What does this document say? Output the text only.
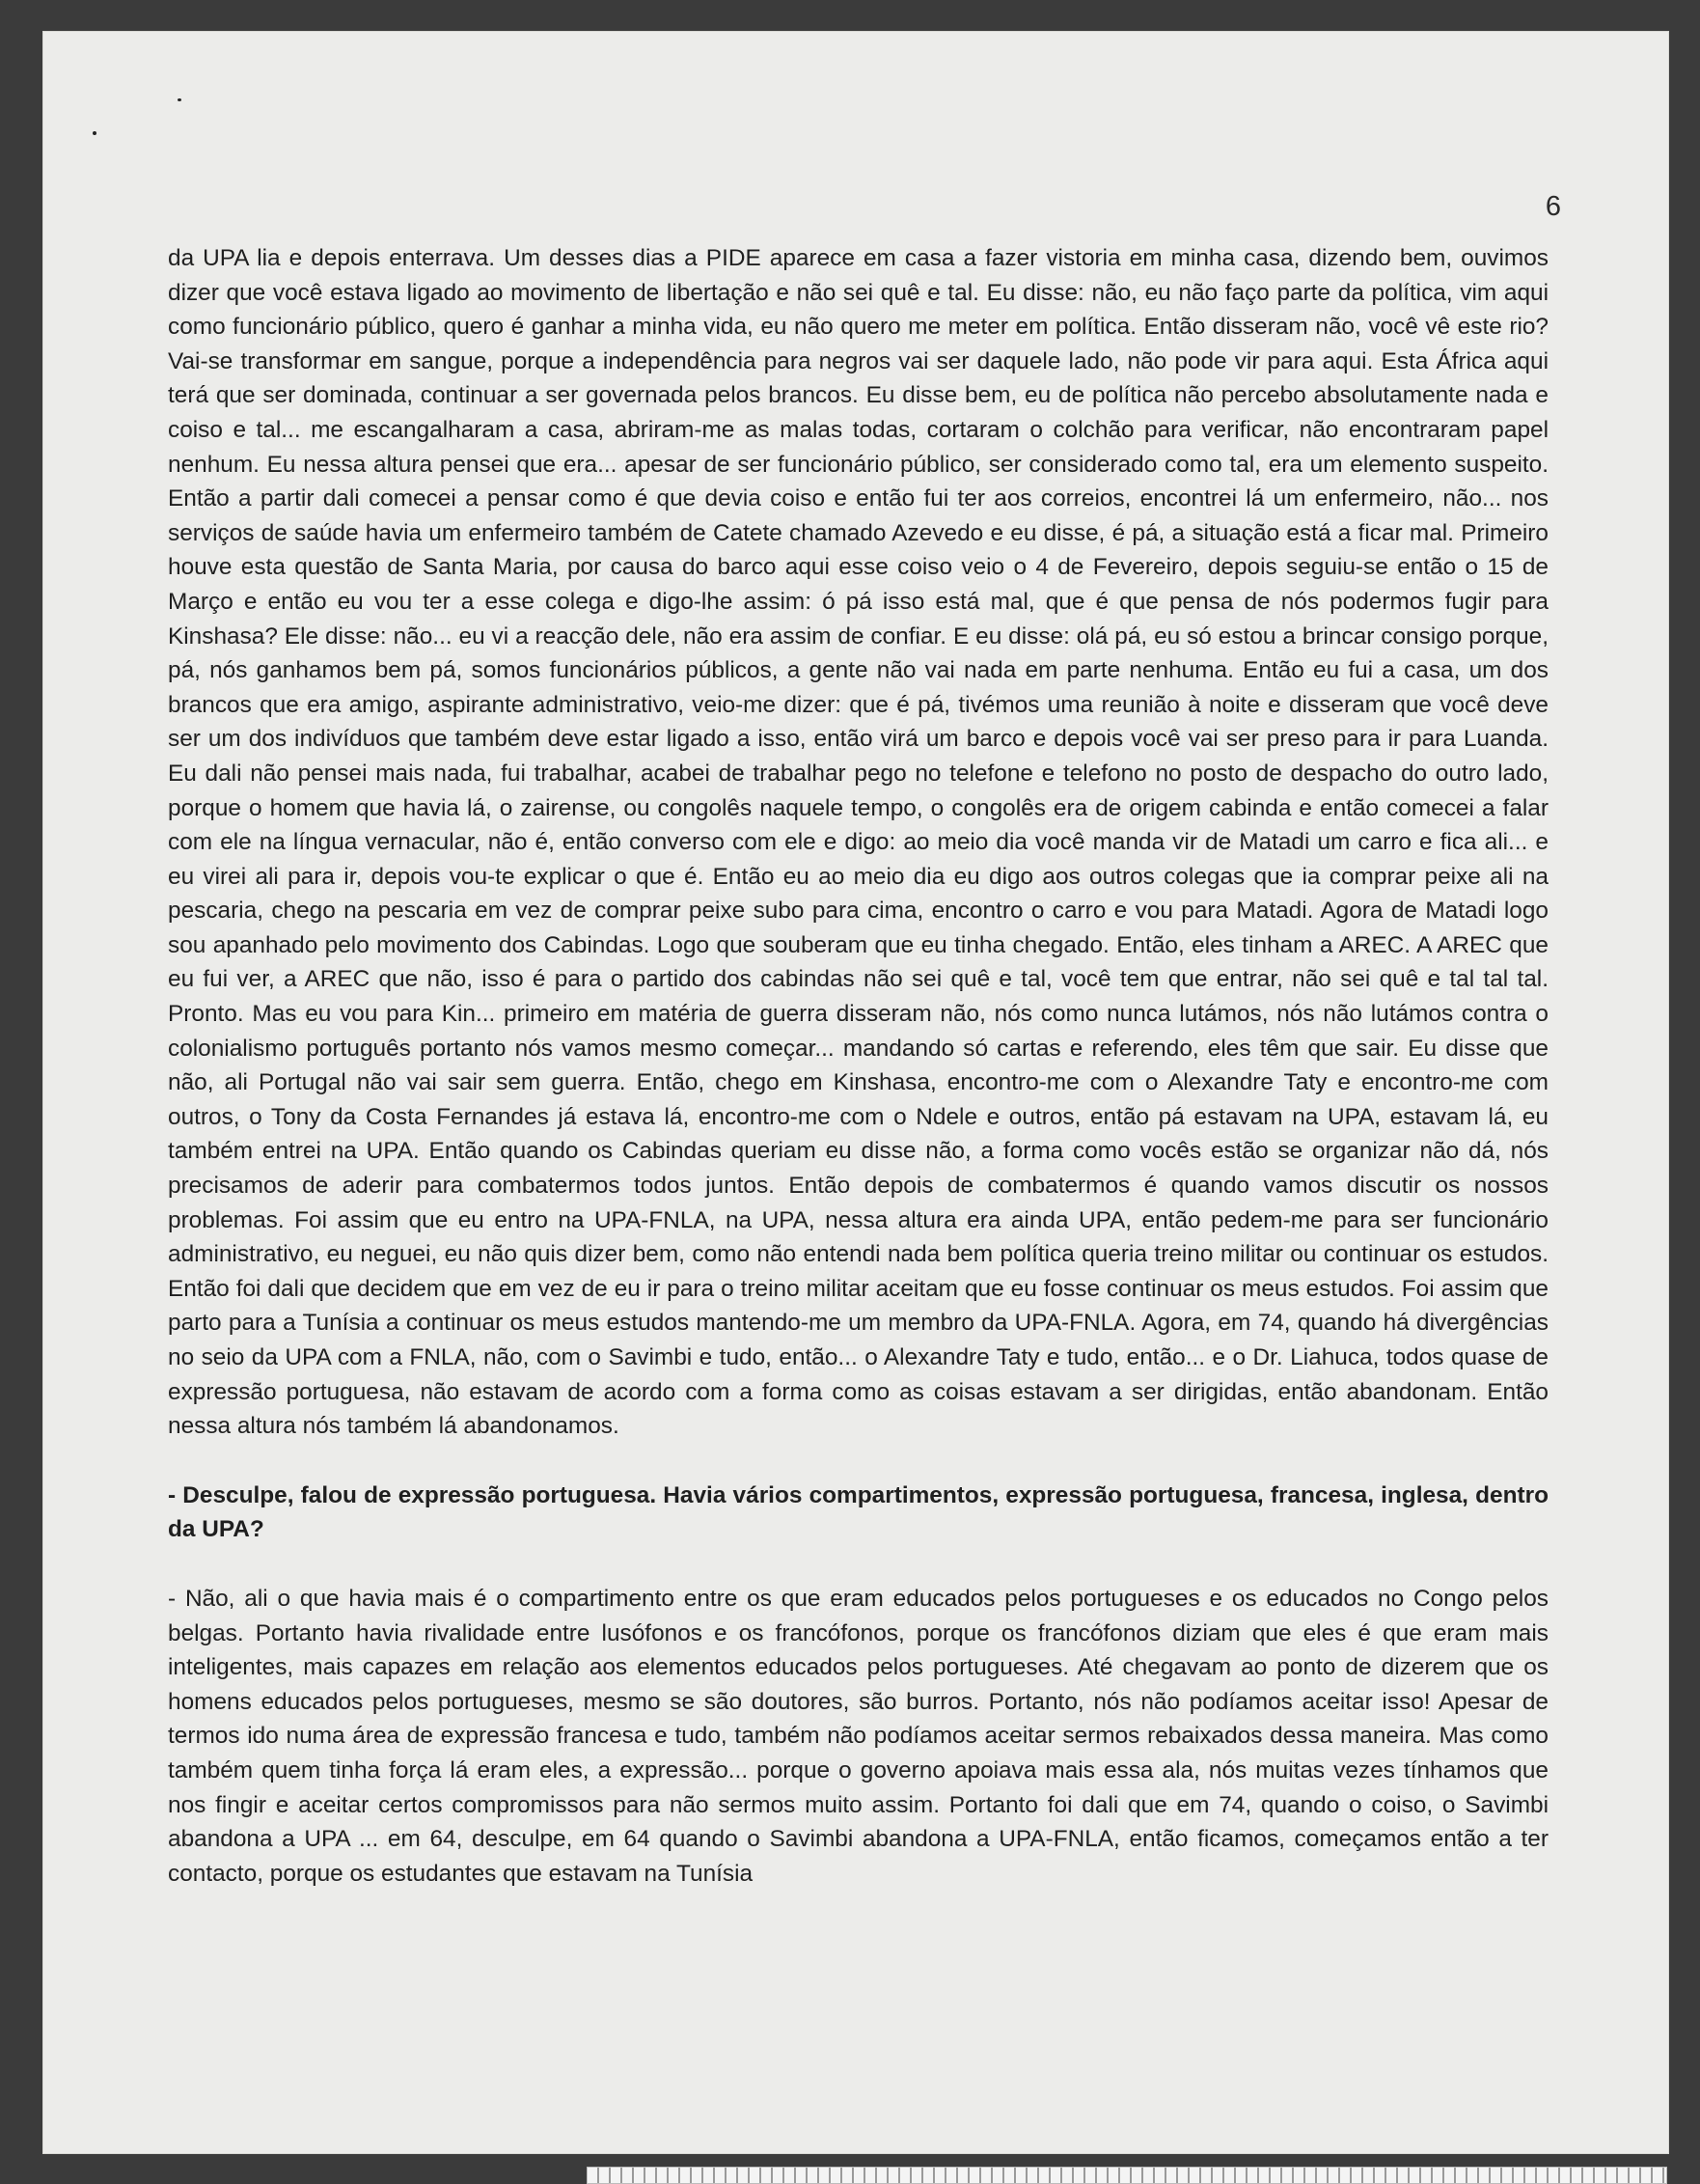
6

da UPA lia e depois enterrava. Um desses dias a PIDE aparece em casa a fazer vistoria em minha casa, dizendo bem, ouvimos dizer que você estava ligado ao movimento de libertação e não sei quê e tal. Eu disse: não, eu não faço parte da política, vim aqui como funcionário público, quero é ganhar a minha vida, eu não quero me meter em política. Então disseram não, você vê este rio? Vai-se transformar em sangue, porque a independência para negros vai ser daquele lado, não pode vir para aqui. Esta África aqui terá que ser dominada, continuar a ser governada pelos brancos. Eu disse bem, eu de política não percebo absolutamente nada e coiso e tal... me escangalharam a casa, abriram-me as malas todas, cortaram o colchão para verificar, não encontraram papel nenhum. Eu nessa altura pensei que era... apesar de ser funcionário público, ser considerado como tal, era um elemento suspeito. Então a partir dali comecei a pensar como é que devia coiso e então fui ter aos correios, encontrei lá um enfermeiro, não... nos serviços de saúde havia um enfermeiro também de Catete chamado Azevedo e eu disse, é pá, a situação está a ficar mal. Primeiro houve esta questão de Santa Maria, por causa do barco aqui esse coiso veio o 4 de Fevereiro, depois seguiu-se então o 15 de Março e então eu vou ter a esse colega e digo-lhe assim: ó pá isso está mal, que é que pensa de nós podermos fugir para Kinshasa? Ele disse: não... eu vi a reacção dele, não era assim de confiar. E eu disse: olá pá, eu só estou a brincar consigo porque, pá, nós ganhamos bem pá, somos funcionários públicos, a gente não vai nada em parte nenhuma. Então eu fui a casa, um dos brancos que era amigo, aspirante administrativo, veio-me dizer: que é pá, tivémos uma reunião à noite e disseram que você deve ser um dos indivíduos que também deve estar ligado a isso, então virá um barco e depois você vai ser preso para ir para Luanda. Eu dali não pensei mais nada, fui trabalhar, acabei de trabalhar pego no telefone e telefono no posto de despacho do outro lado, porque o homem que havia lá, o zairense, ou congolês naquele tempo, o congolês era de origem cabinda e então comecei a falar com ele na língua vernacular, não é, então converso com ele e digo: ao meio dia você manda vir de Matadi um carro e fica ali... e eu virei ali para ir, depois vou-te explicar o que é. Então eu ao meio dia eu digo aos outros colegas que ia comprar peixe ali na pescaria, chego na pescaria em vez de comprar peixe subo para cima, encontro o carro e vou para Matadi. Agora de Matadi logo sou apanhado pelo movimento dos Cabindas. Logo que souberam que eu tinha chegado. Então, eles tinham a AREC. A AREC que eu fui ver, a AREC que não, isso é para o partido dos cabindas não sei quê e tal, você tem que entrar, não sei quê e tal tal tal. Pronto. Mas eu vou para Kin... primeiro em matéria de guerra disseram não, nós como nunca lutámos, nós não lutámos contra o colonialismo português portanto nós vamos mesmo começar... mandando só cartas e referendo, eles têm que sair. Eu disse que não, ali Portugal não vai sair sem guerra. Então, chego em Kinshasa, encontro-me com o Alexandre Taty e encontro-me com outros, o Tony da Costa Fernandes já estava lá, encontro-me com o Ndele e outros, então pá estavam na UPA, estavam lá, eu também entrei na UPA. Então quando os Cabindas queriam eu disse não, a forma como vocês estão se organizar não dá, nós precisamos de aderir para combatermos todos juntos. Então depois de combatermos é quando vamos discutir os nossos problemas. Foi assim que eu entro na UPA-FNLA, na UPA, nessa altura era ainda UPA, então pedem-me para ser funcionário administrativo, eu neguei, eu não quis dizer bem, como não entendi nada bem política queria treino militar ou continuar os estudos. Então foi dali que decidem que em vez de eu ir para o treino militar aceitam que eu fosse continuar os meus estudos. Foi assim que parto para a Tunísia a continuar os meus estudos mantendo-me um membro da UPA-FNLA. Agora, em 74, quando há divergências no seio da UPA com a FNLA, não, com o Savimbi e tudo, então... o Alexandre Taty e tudo, então... e o Dr. Liahuca, todos quase de expressão portuguesa, não estavam de acordo com a forma como as coisas estavam a ser dirigidas, então abandonam. Então nessa altura nós também lá abandonamos.

- Desculpe, falou de expressão portuguesa. Havia vários compartimentos, expressão portuguesa, francesa, inglesa, dentro da UPA?

- Não, ali o que havia mais é o compartimento entre os que eram educados pelos portugueses e os educados no Congo pelos belgas. Portanto havia rivalidade entre lusófonos e os francófonos, porque os francófonos diziam que eles é que eram mais inteligentes, mais capazes em relação aos elementos educados pelos portugueses. Até chegavam ao ponto de dizerem que os homens educados pelos portugueses, mesmo se são doutores, são burros. Portanto, nós não podíamos aceitar isso! Apesar de termos ido numa área de expressão francesa e tudo, também não podíamos aceitar sermos rebaixados dessa maneira. Mas como também quem tinha força lá eram eles, a expressão... porque o governo apoiava mais essa ala, nós muitas vezes tínhamos que nos fingir e aceitar certos compromissos para não sermos muito assim. Portanto foi dali que em 74, quando o coiso, o Savimbi abandona a UPA ... em 64, desculpe, em 64 quando o Savimbi abandona a UPA-FNLA, então ficamos, começamos então a ter contacto, porque os estudantes que estavam na Tunísia
